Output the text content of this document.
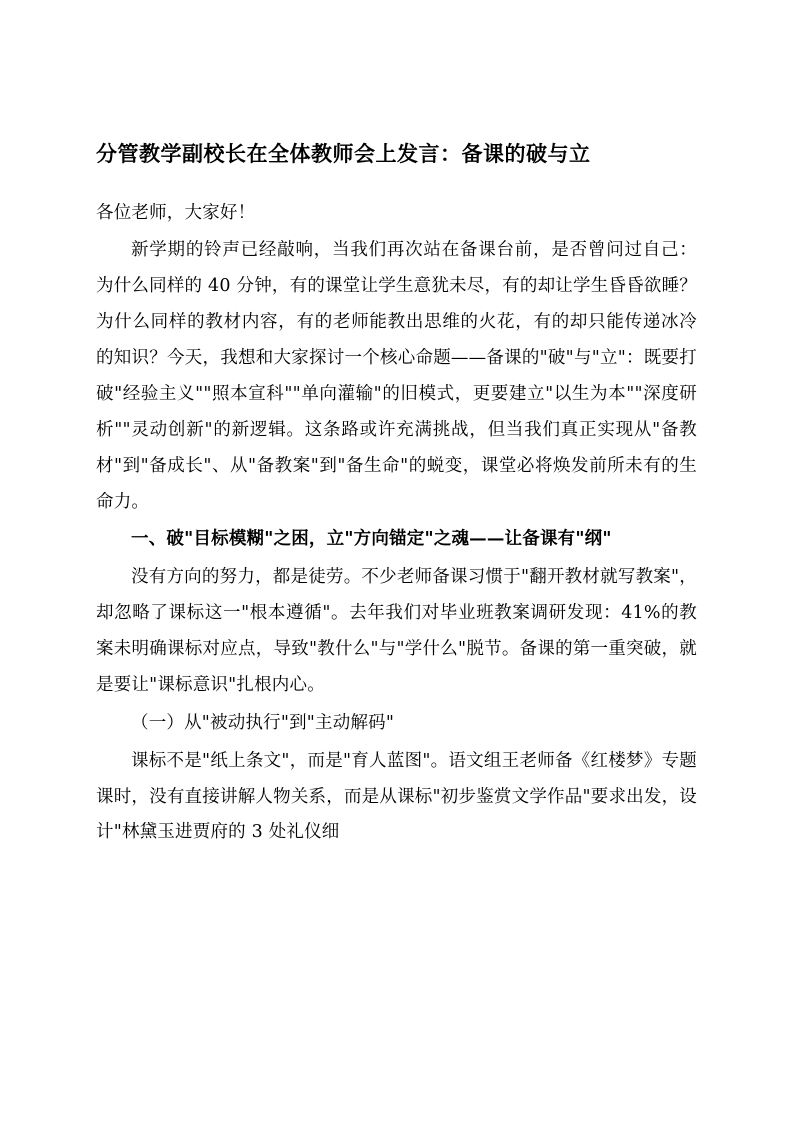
分管教学副校长在全体教师会上发言：备课的破与立

各位老师，大家好！

新学期的铃声已经敲响，当我们再次站在备课台前，是否曾问过自己：为什么同样的 40 分钟，有的课堂让学生意犹未尽，有的却让学生昏昏欲睡？为什么同样的教材内容，有的老师能教出思维的火花，有的却只能传递冰冷的知识？今天，我想和大家探讨一个核心命题——备课的"破"与"立"：既要打破"经验主义""照本宣科""单向灌输"的旧模式，更要建立"以生为本""深度研析""灵动创新"的新逻辑。这条路或许充满挑战，但当我们真正实现从"备教材"到"备成长"、从"备教案"到"备生命"的蜕变，课堂必将焕发前所未有的生命力。

一、破"目标模糊"之困，立"方向锚定"之魂——让备课有"纲"

没有方向的努力，都是徒劳。不少老师备课习惯于"翻开教材就写教案"，却忽略了课标这一"根本遵循"。去年我们对毕业班教案调研发现：41%的教案未明确课标对应点，导致"教什么"与"学什么"脱节。备课的第一重突破，就是要让"课标意识"扎根内心。

（一）从"被动执行"到"主动解码"

课标不是"纸上条文"，而是"育人蓝图"。语文组王老师备《红楼梦》专题课时，没有直接讲解人物关系，而是从课标"初步鉴赏文学作品"要求出发，设计"林黛玉进贾府的 3 处礼仪细
